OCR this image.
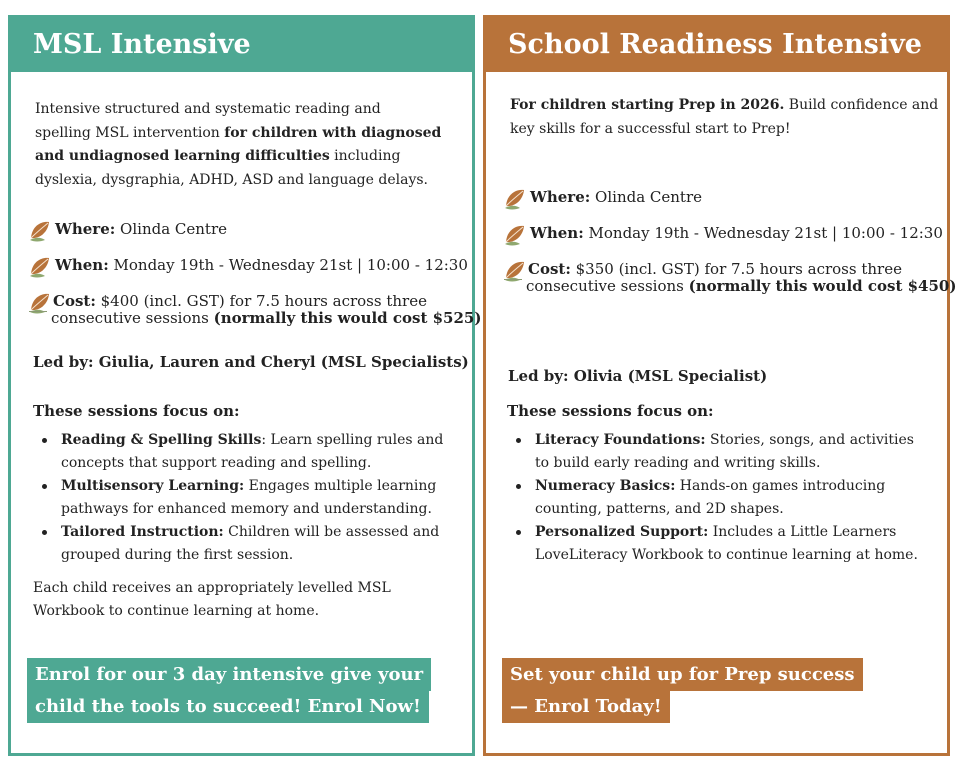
MSL Intensive
Intensive structured and systematic reading and
spelling MSL intervention for children with diagnosed
and undiagnosed learning difficulties including
dyslexia, dysgraphia, ADHD, ASD and language delays.
Where: Olinda Centre
When: Monday 19th - Wednesday 21st | 10:00 - 12:30
Cost: $400 (incl. GST) for 7.5 hours across three
consecutive sessions (normally this would cost $525)
Led by: Giulia, Lauren and Cheryl (MSL Specialists)
These sessions focus on:
Reading & Spelling Skills: Learn spelling rules and concepts that support reading and spelling.
Multisensory Learning: Engages multiple learning pathways for enhanced memory and understanding.
Tailored Instruction: Children will be assessed and grouped during the first session.
Each child receives an appropriately levelled MSL
Workbook to continue learning at home.
Enrol for our 3 day intensive give your
child the tools to succeed! Enrol Now!
School Readiness Intensive
For children starting Prep in 2026. Build confidence and
key skills for a successful start to Prep!
Where: Olinda Centre
When: Monday 19th - Wednesday 21st | 10:00 - 12:30
Cost: $350 (incl. GST) for 7.5 hours across three
consecutive sessions (normally this would cost $450)
Led by: Olivia (MSL Specialist)
These sessions focus on:
Literacy Foundations: Stories, songs, and activities to build early reading and writing skills.
Numeracy Basics: Hands-on games introducing counting, patterns, and 2D shapes.
Personalized Support: Includes a Little Learners LoveLiteracy Workbook to continue learning at home.
Set your child up for Prep success
— Enrol Today!
